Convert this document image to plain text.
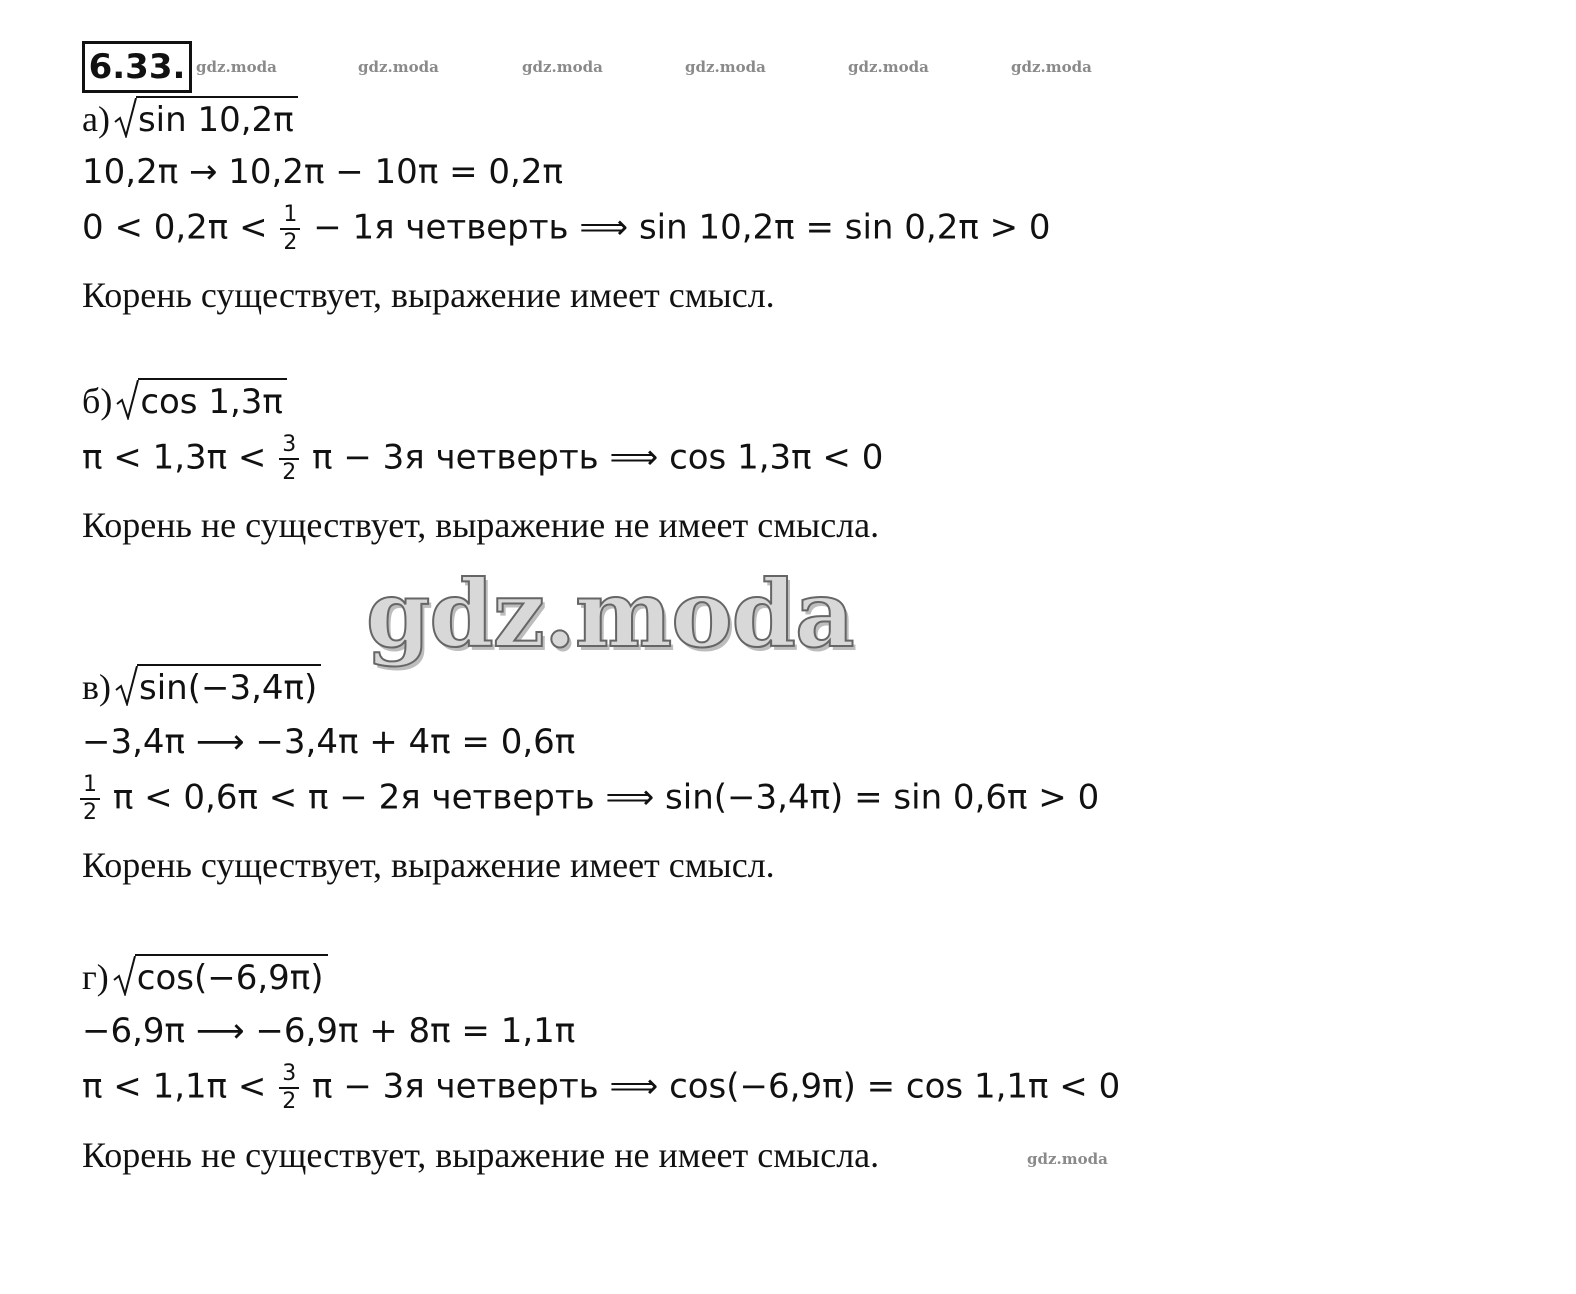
6.33. gdz.moda	gdz.moda	gdz.moda	gdz.moda	gdz.moda	gdz.moda
а) sin 10,2π
10,2π → 10,2π − 10π = 0,2π
$0 < 0,2\pi < \frac{1}{2} - 1я$ четверть ⟹ sin 10,2π = sin 0,2π > 0
Корень существует, выражение имеет смысл.
б) cos 1,3π
$\pi < 1,3\pi < \frac{3}{2}$ π − 3я четверть ⟹ cos 1,3π < 0
Корень не существует, выражение не имеет смысла.
gdz.moda
в) sin(−3,4π)
−3,4π ⟶ −3,4π + 4π = 0,6π
$\frac{1}{2}$ π < 0,6π < π − 2я четверть ⟹ sin(−3,4π) = sin 0,6π > 0
Корень существует, выражение имеет смысл.
г) cos(−6,9π)
−6,9π ⟶ −6,9π + 8π = 1,1π
$\pi < 1,1\pi < \frac{3}{2}$ π − 3я четверть ⟹ cos(−6,9π) = cos 1,1π < 0
Корень не существует, выражение не имеет смысла.	gdz.moda
